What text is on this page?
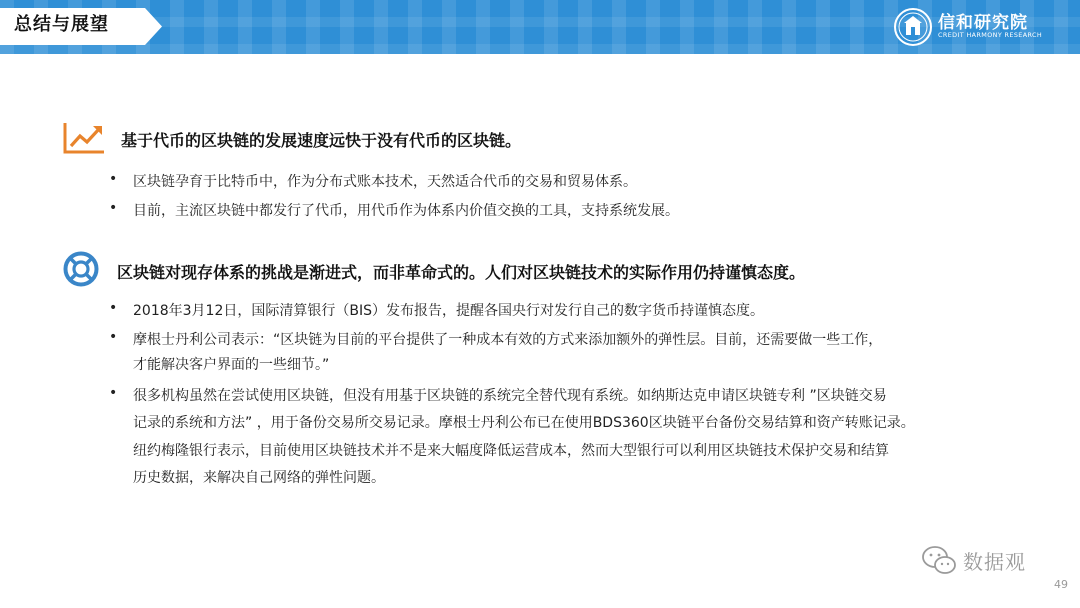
总结与展望	信和研究院
CREDIT HARMONY RESEARCH
基于代币的区块链的发展速度远快于没有代币的区块链。
• 区块链孕育于比特币中，作为分布式账本技术，天然适合代币的交易和贸易体系。
• 目前，主流区块链中都发行了代币，用代币作为体系内价值交换的工具，支持系统发展。
区块链对现存体系的挑战是渐进式，而非革命式的。人们对区块链技术的实际作用仍持谨慎态度。
• 2018年3月12日，国际清算银行（BIS）发布报告，提醒各国央行对发行自己的数字货币持谨慎态度。
• 摩根士丹利公司表示：“区块链为目前的平台提供了一种成本有效的方式来添加额外的弹性层。目前，还需要做一些工作，
才能解决客户界面的一些细节。”
• 很多机构虽然在尝试使用区块链，但没有用基于区块链的系统完全替代现有系统。如纳斯达克申请区块链专利 ”区块链交易
记录的系统和方法” ，用于备份交易所交易记录。摩根士丹利公布已在使用BDS360区块链平台备份交易结算和资产转账记录。
纽约梅隆银行表示，目前使用区块链技术并不是来大幅度降低运营成本，然而大型银行可以利用区块链技术保护交易和结算
历史数据，来解决自己网络的弹性问题。
数据观
49
